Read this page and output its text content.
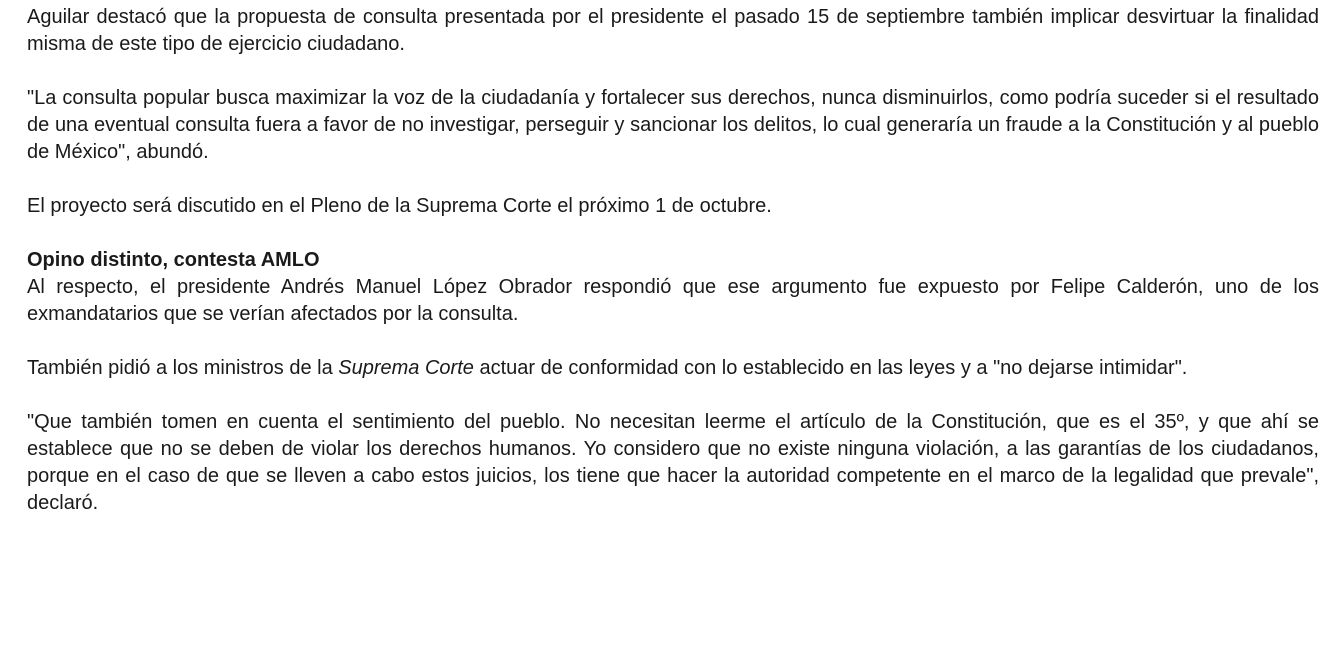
Aguilar destacó que la propuesta de consulta presentada por el presidente el pasado 15 de septiembre también implicar desvirtuar la finalidad misma de este tipo de ejercicio ciudadano.

"La consulta popular busca maximizar la voz de la ciudadanía y fortalecer sus derechos, nunca disminuirlos, como podría suceder si el resultado de una eventual consulta fuera a favor de no investigar, perseguir y sancionar los delitos, lo cual generaría un fraude a la Constitución y al pueblo de México", abundó.

El proyecto será discutido en el Pleno de la Suprema Corte el próximo 1 de octubre.

Opino distinto, contesta AMLO

Al respecto, el presidente Andrés Manuel López Obrador respondió que ese argumento fue expuesto por Felipe Calderón, uno de los exmandatarios que se verían afectados por la consulta.

También pidió a los ministros de la Suprema Corte actuar de conformidad con lo establecido en las leyes y a "no dejarse intimidar".

"Que también tomen en cuenta el sentimiento del pueblo. No necesitan leerme el artículo de la Constitución, que es el 35º, y que ahí se establece que no se deben de violar los derechos humanos. Yo considero que no existe ninguna violación, a las garantías de los ciudadanos, porque en el caso de que se lleven a cabo estos juicios, los tiene que hacer la autoridad competente en el marco de la legalidad que prevale", declaró.
